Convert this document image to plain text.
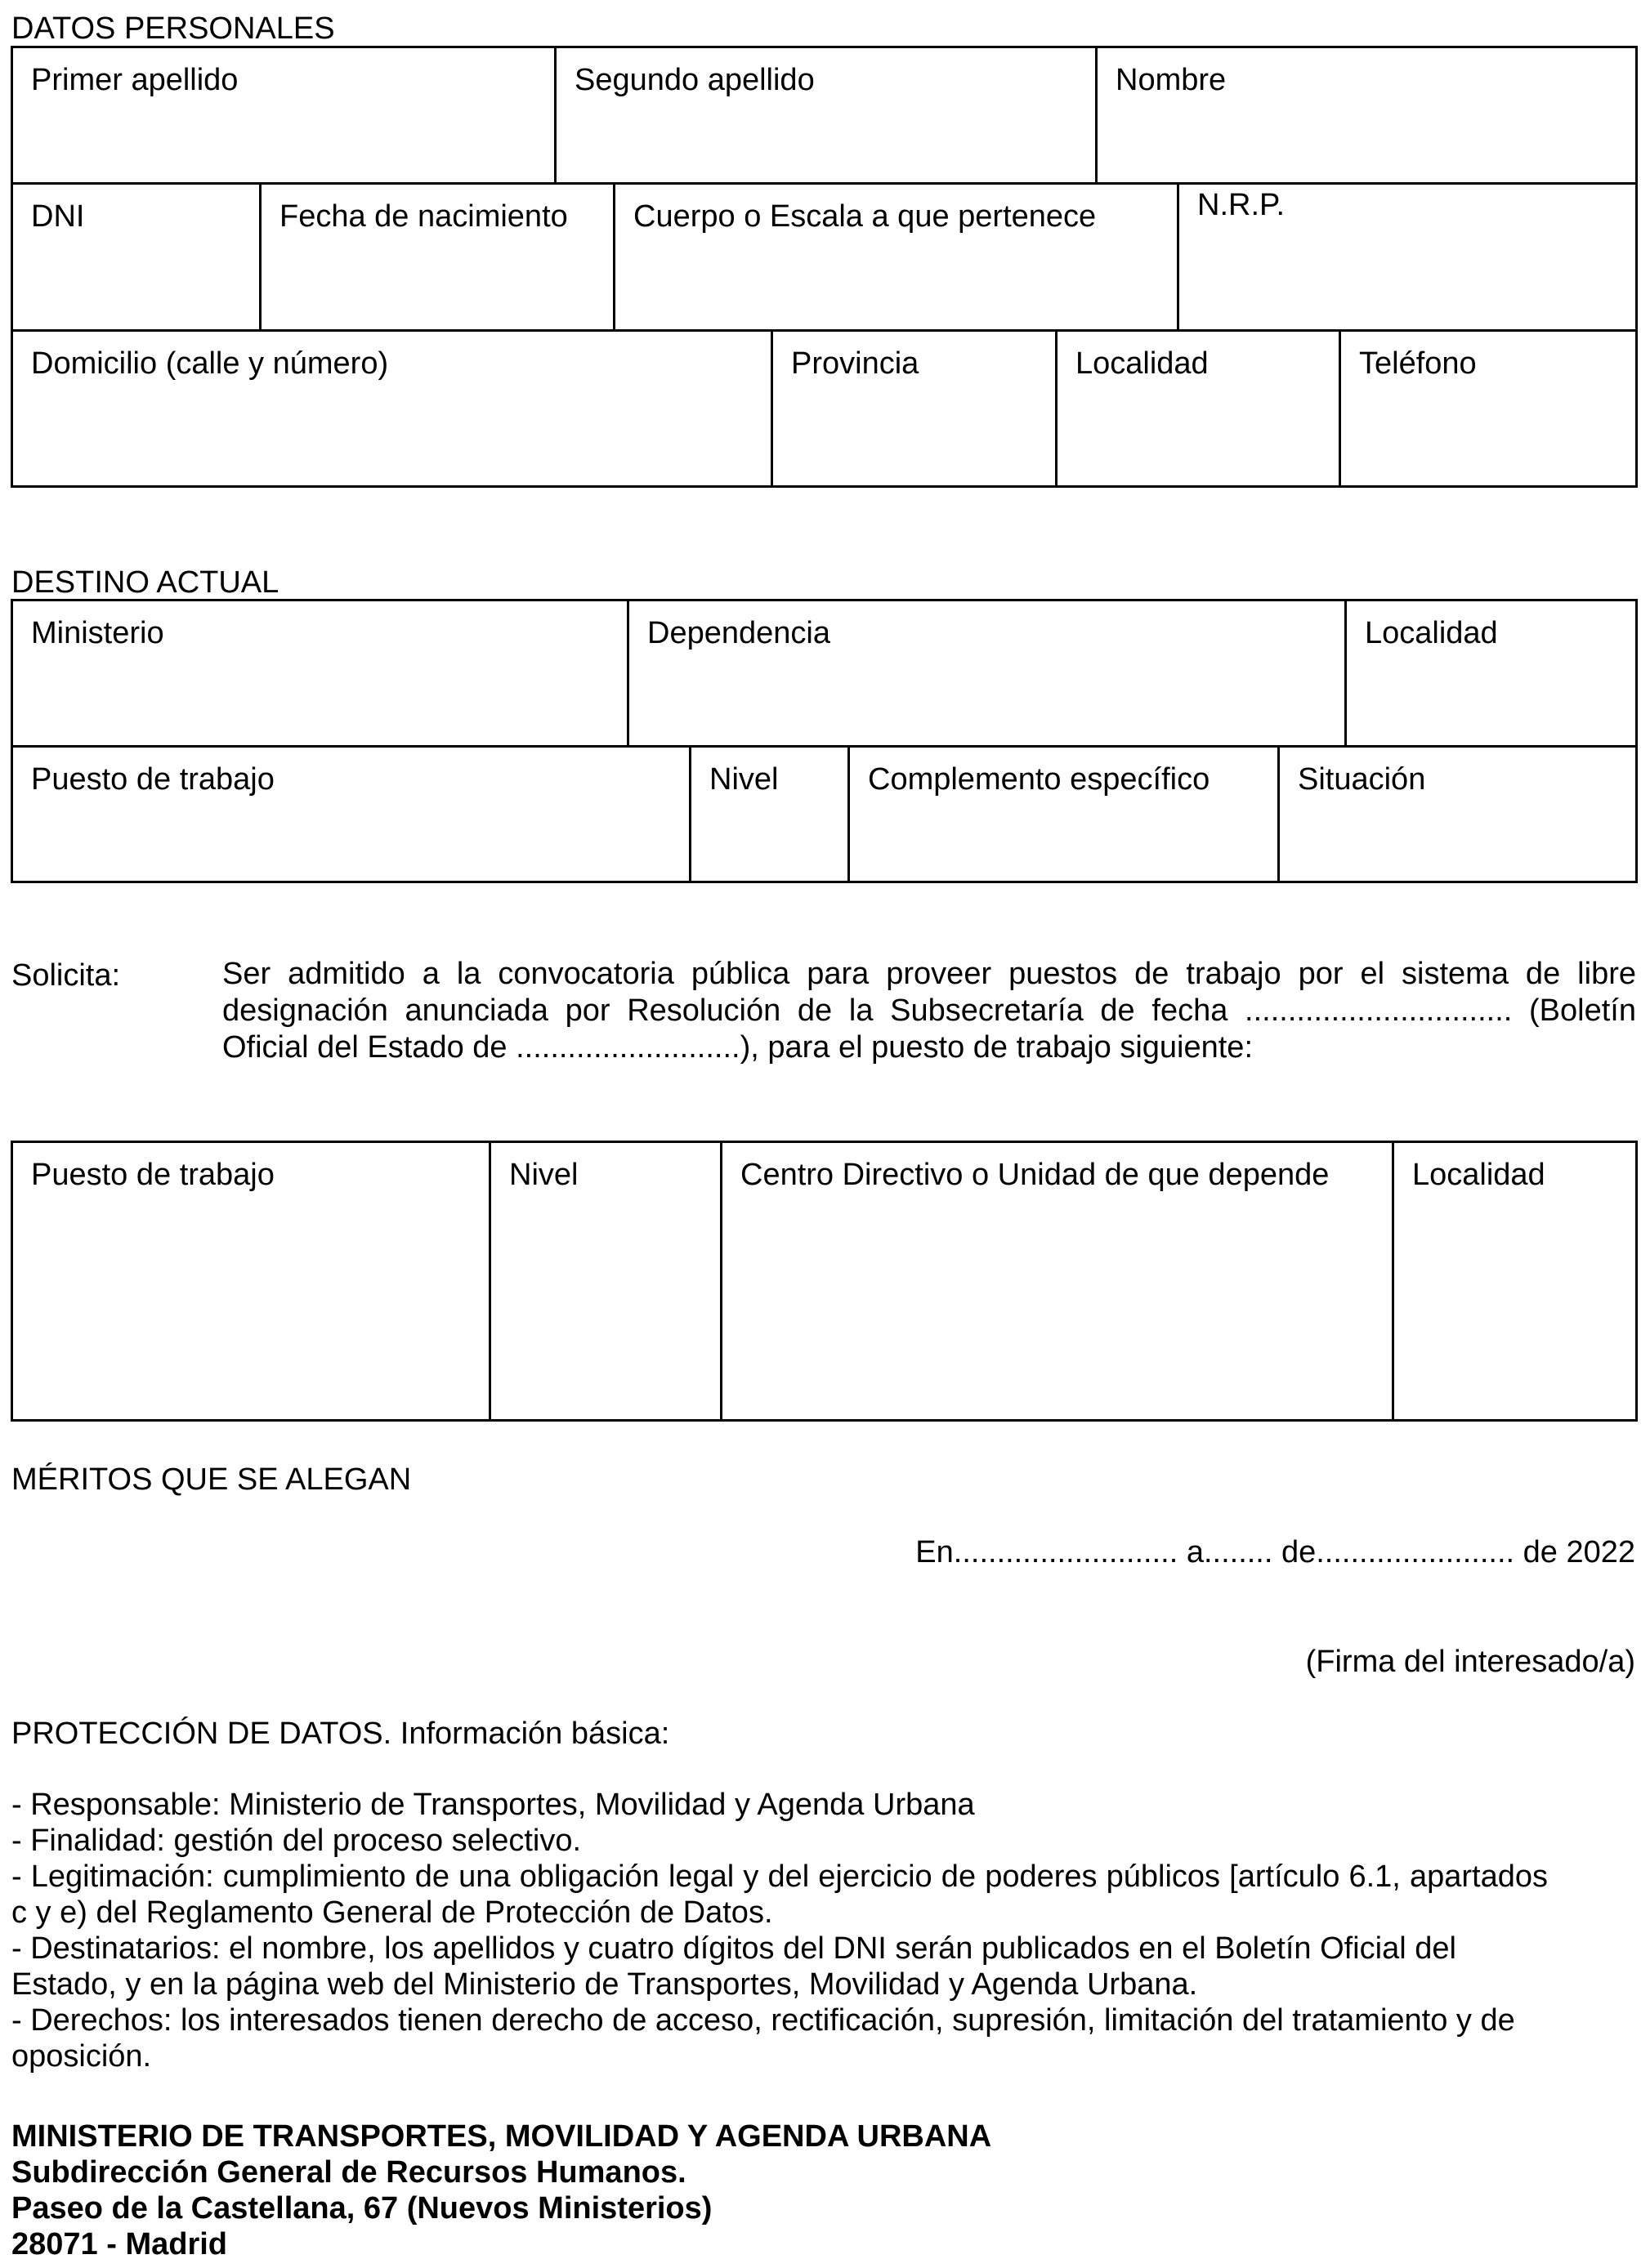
DATOS PERSONALES
Primer apellido	Segundo apellido	Nombre
DNI	Fecha de nacimiento	Cuerpo o Escala a que pertenece	N.R.P.
Domicilio (calle y número)	Provincia	Localidad	Teléfono
DESTINO ACTUAL
Ministerio	Dependencia	Localidad
Puesto de trabajo	Nivel	Complemento específico	Situación
Solicita:	Ser admitido a la convocatoria pública para proveer puestos de trabajo por el sistema de libre designación anunciada por Resolución de la Subsecretaría de fecha ............................... (Boletín Oficial del Estado de ..........................), para el puesto de trabajo siguiente:
Puesto de trabajo	Nivel	Centro Directivo o Unidad de que depende	Localidad
MÉRITOS QUE SE ALEGAN
En.......................... a........ de....................... de 2022
(Firma del interesado/a)
PROTECCIÓN DE DATOS. Información básica:

- Responsable: Ministerio de Transportes, Movilidad y Agenda Urbana

- Finalidad: gestión del proceso selectivo.

- Legitimación: cumplimiento de una obligación legal y del ejercicio de poderes públicos [artículo 6.1, apartados c y e) del Reglamento General de Protección de Datos.

- Destinatarios: el nombre, los apellidos y cuatro dígitos del DNI serán publicados en el Boletín Oficial del Estado, y en la página web del Ministerio de Transportes, Movilidad y Agenda Urbana.

- Derechos: los interesados tienen derecho de acceso, rectificación, supresión, limitación del tratamiento y de oposición.

MINISTERIO DE TRANSPORTES, MOVILIDAD Y AGENDA URBANA
Subdirección General de Recursos Humanos.
Paseo de la Castellana, 67 (Nuevos Ministerios)
28071 - Madrid
